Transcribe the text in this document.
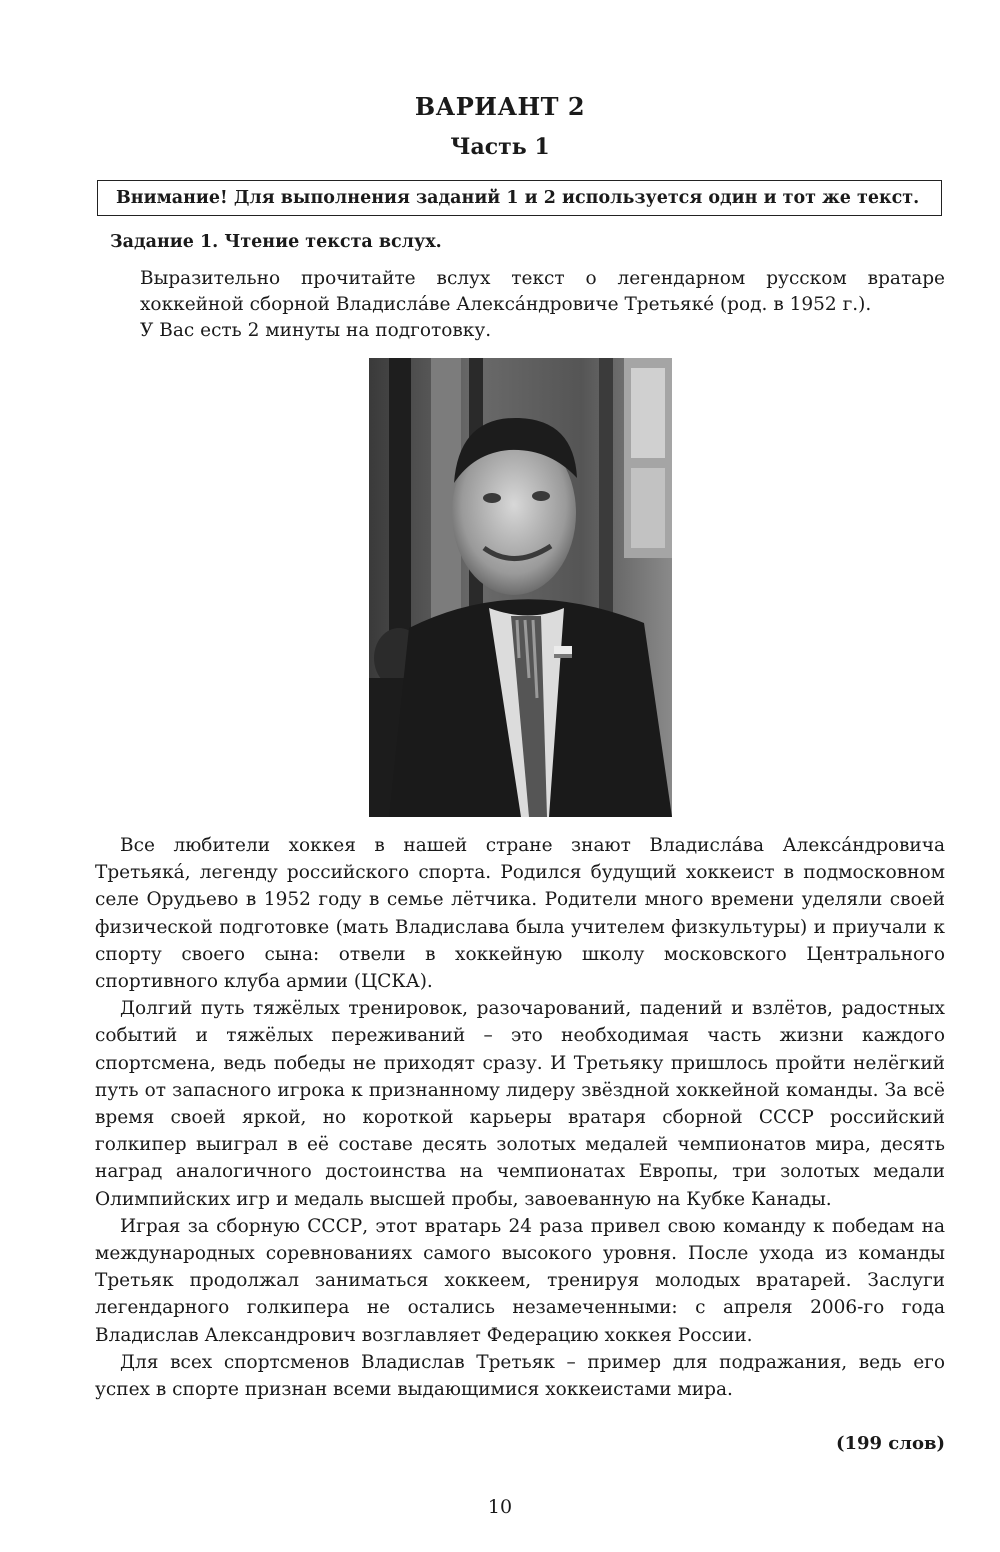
ВАРИАНТ 2
Часть 1
Внимание! Для выполнения заданий 1 и 2 используется один и тот же текст.
Задание 1. Чтение текста вслух.

Выразительно прочитайте вслух текст о легендарном русском вратаре хоккейной сборной Владисла́ве Алекса́ндровиче Третьяке́ (род. в 1952 г.).

У Вас есть 2 минуты на подготовку.

Все любители хоккея в нашей стране знают Владисла́ва Алекса́ндровича Третьяка́, легенду российского спорта. Родился будущий хоккеист в подмосковном селе Орудьево в 1952 году в семье лётчика. Родители много времени уделяли своей физической подготовке (мать Владислава была учителем физкультуры) и приучали к спорту своего сына: отвели в хоккейную школу московского Центрального спортивного клуба армии (ЦСКА).

Долгий путь тяжёлых тренировок, разочарований, падений и взлётов, радостных событий и тяжёлых переживаний – это необходимая часть жизни каждого спортсмена, ведь победы не приходят сразу. И Третьяку пришлось пройти нелёгкий путь от запасного игрока к признанному лидеру звёздной хоккейной команды. За всё время своей яркой, но короткой карьеры вратаря сборной СССР российский голкипер выиграл в её составе десять золотых медалей чемпионатов мира, десять наград аналогичного достоинства на чемпионатах Европы, три золотых медали Олимпийских игр и медаль высшей пробы, завоеванную на Кубке Канады.

Играя за сборную СССР, этот вратарь 24 раза привел свою команду к победам на международных соревнованиях самого высокого уровня. После ухода из команды Третьяк продолжал заниматься хоккеем, тренируя молодых вратарей. Заслуги легендарного голкипера не остались незамеченными: с апреля 2006-го года Владислав Александрович возглавляет Федерацию хоккея России.

Для всех спортсменов Владислав Третьяк – пример для подражания, ведь его успех в спорте признан всеми выдающимися хоккеистами мира.

(199 слов)
10
